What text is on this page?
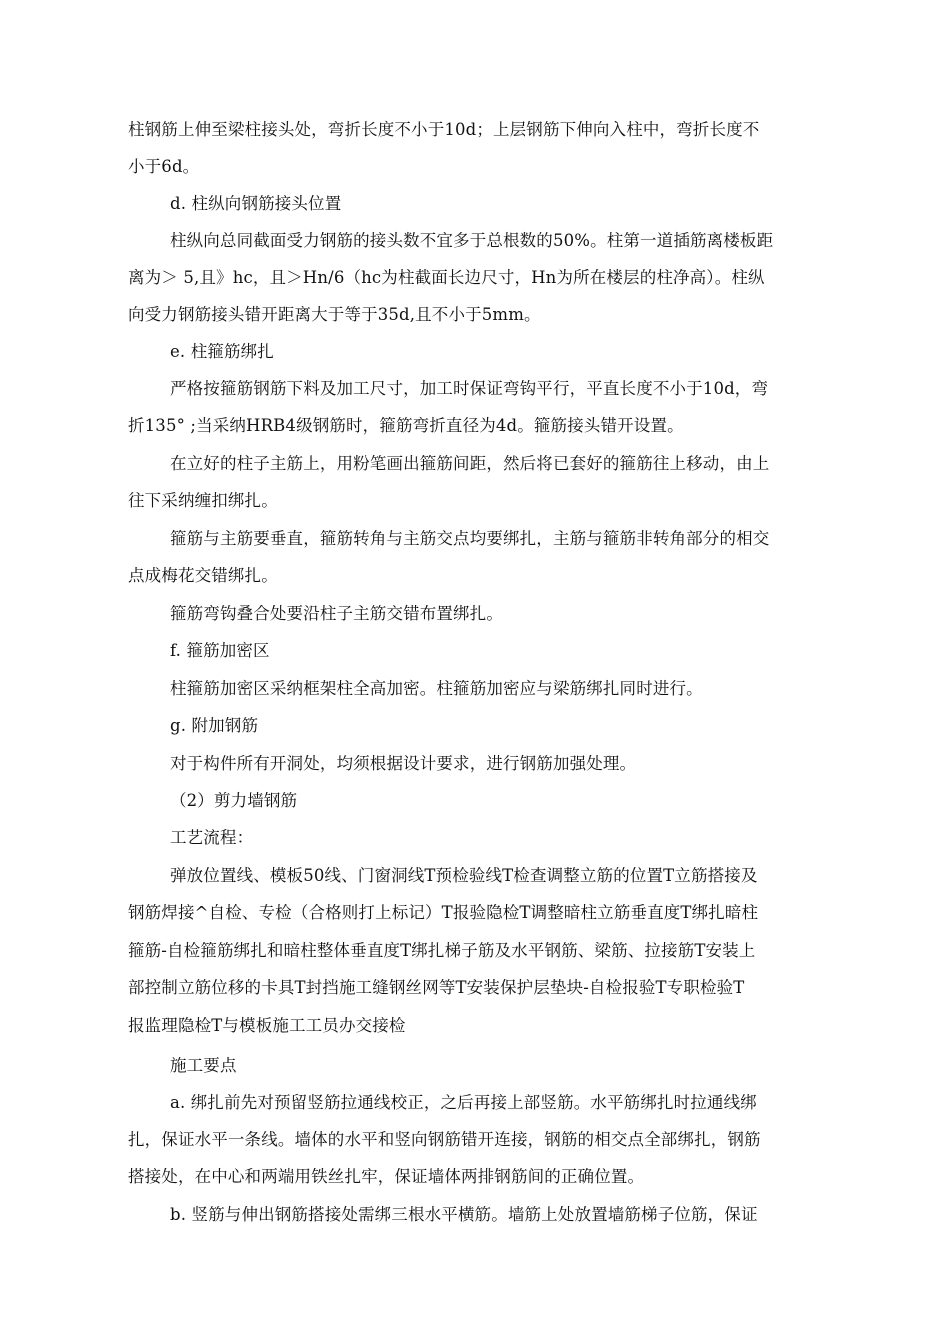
柱钢筋上伸至梁柱接头处，弯折长度不小于10d；上层钢筋下伸向入柱中，弯折长度不
小于6d。
d. 柱纵向钢筋接头位置
柱纵向总同截面受力钢筋的接头数不宜多于总根数的50%。柱第一道插筋离楼板距
离为＞ 5,且》hc，且＞Hn/6（hc为柱截面长边尺寸，Hn为所在楼层的柱净高）。柱纵
向受力钢筋接头错开距离大于等于35d,且不小于5mm。
e. 柱箍筋绑扎
严格按箍筋钢筋下料及加工尺寸，加工时保证弯钩平行，平直长度不小于10d，弯
折135° ;当采纳HRB4级钢筋时，箍筋弯折直径为4d。箍筋接头错开设置。
在立好的柱子主筋上，用粉笔画出箍筋间距，然后将已套好的箍筋往上移动，由上
往下采纳缠扣绑扎。
箍筋与主筋要垂直，箍筋转角与主筋交点均要绑扎，主筋与箍筋非转角部分的相交
点成梅花交错绑扎。
箍筋弯钩叠合处要沿柱子主筋交错布置绑扎。
f. 箍筋加密区
柱箍筋加密区采纳框架柱全高加密。柱箍筋加密应与梁筋绑扎同时进行。
g. 附加钢筋
对于构件所有开洞处，均须根据设计要求，进行钢筋加强处理。
（2）剪力墙钢筋
工艺流程：
弹放位置线、模板50线、门窗洞线T预检验线T检查调整立筋的位置T立筋搭接及
钢筋焊接^自检、专检（合格则打上标记）T报验隐检T调整暗柱立筋垂直度T绑扎暗柱
箍筋-自检箍筋绑扎和暗柱整体垂直度T绑扎梯子筋及水平钢筋、梁筋、拉接筋T安装上
部控制立筋位移的卡具T封挡施工缝钢丝网等T安装保护层垫块-自检报验T专职检验T
报监理隐检T与模板施工工员办交接检
施工要点
a. 绑扎前先对预留竖筋拉通线校正，之后再接上部竖筋。水平筋绑扎时拉通线绑
扎，保证水平一条线。墙体的水平和竖向钢筋错开连接，钢筋的相交点全部绑扎，钢筋
搭接处，在中心和两端用铁丝扎牢，保证墙体两排钢筋间的正确位置。
b. 竖筋与伸出钢筋搭接处需绑三根水平横筋。墙筋上处放置墙筋梯子位筋，保证
